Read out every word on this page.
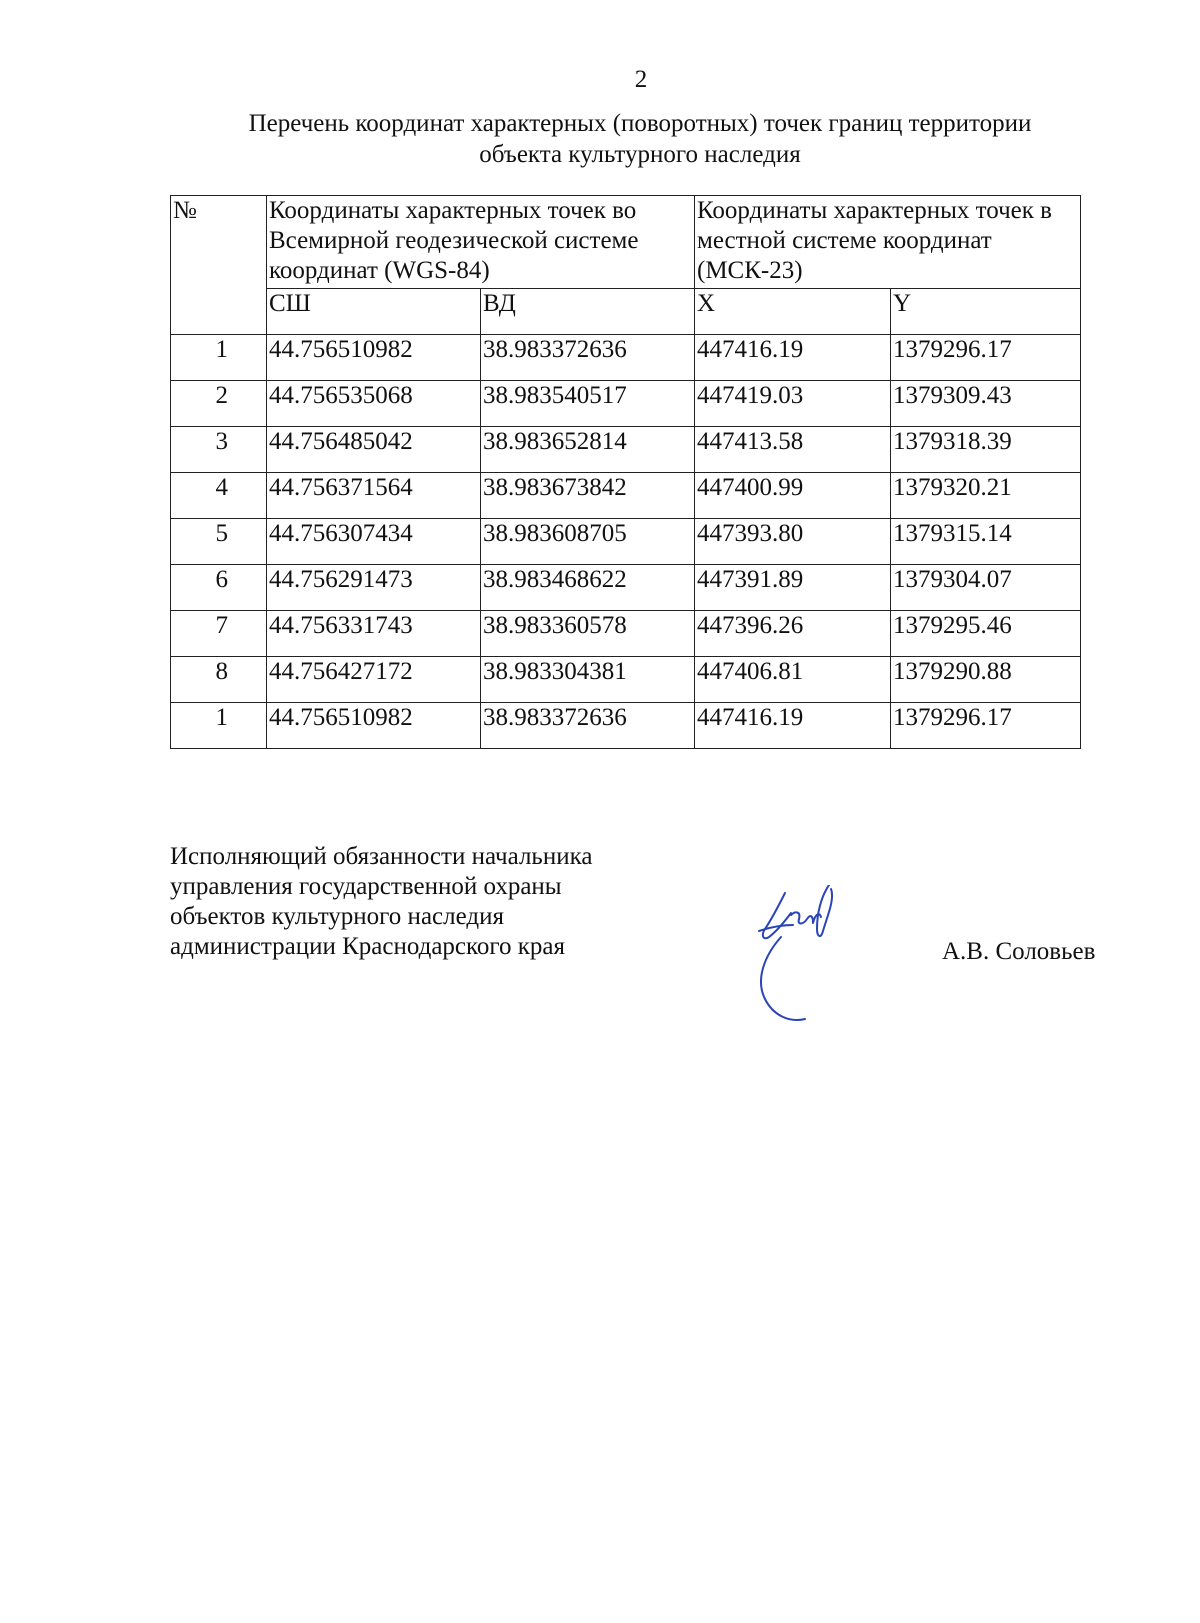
2
Перечень координат характерных (поворотных) точек границ территории
объекта культурного наследия
№	Координаты характерных точек во Всемирной геодезической системе координат (WGS-84)		Координаты характерных точек в местной системе координат (МСК-23)	
	СШ	ВД	X	Y
1	44.756510982	38.983372636	447416.19	1379296.17
2	44.756535068	38.983540517	447419.03	1379309.43
3	44.756485042	38.983652814	447413.58	1379318.39
4	44.756371564	38.983673842	447400.99	1379320.21
5	44.756307434	38.983608705	447393.80	1379315.14
6	44.756291473	38.983468622	447391.89	1379304.07
7	44.756331743	38.983360578	447396.26	1379295.46
8	44.756427172	38.983304381	447406.81	1379290.88
1	44.756510982	38.983372636	447416.19	1379296.17
Исполняющий обязанности начальника
управления государственной охраны
объектов культурного наследия
администрации Краснодарского края	А.В. Соловьев
